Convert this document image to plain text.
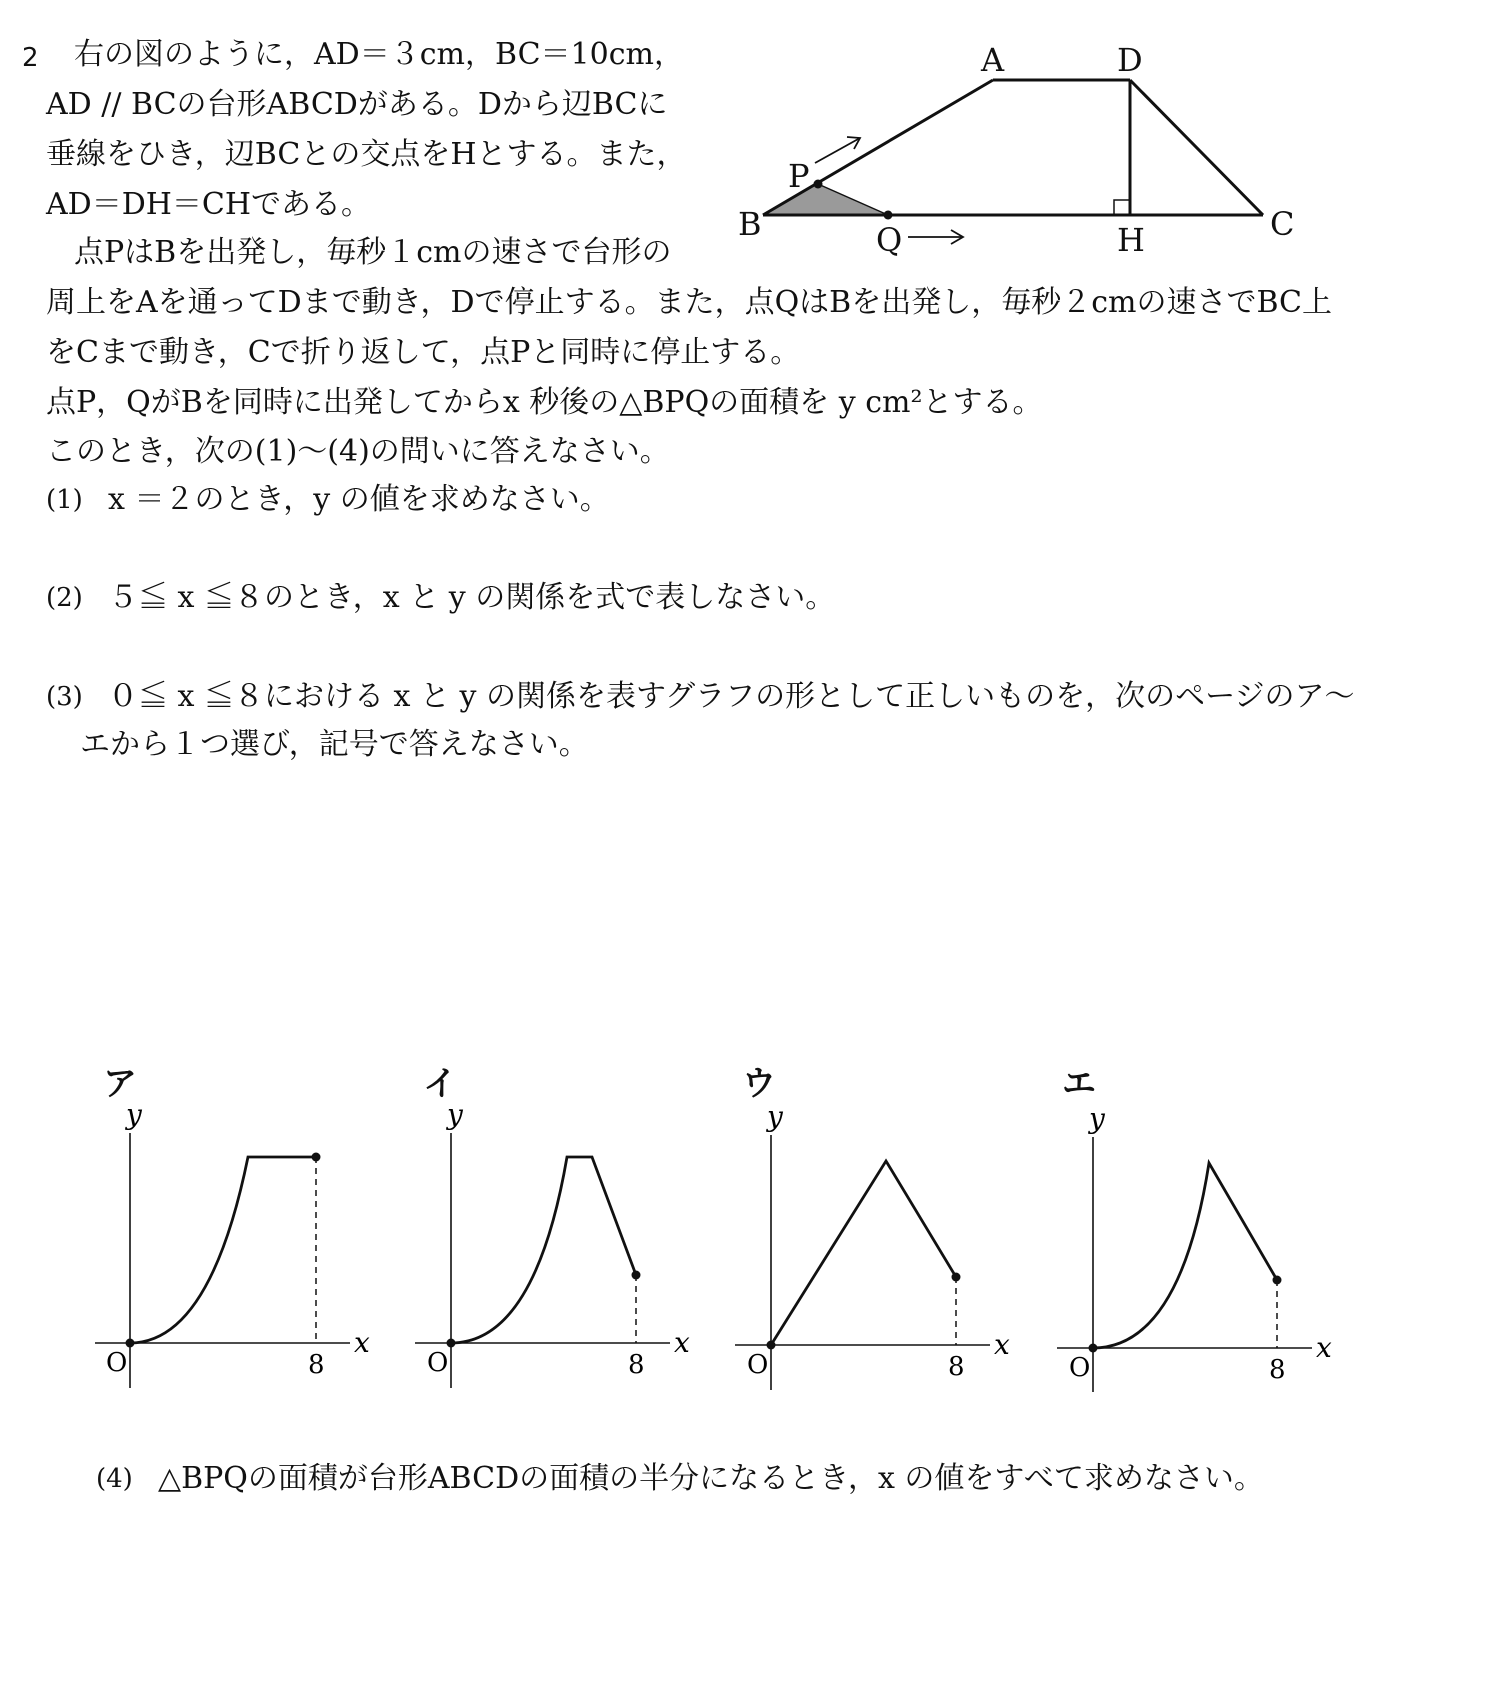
2 右の図のように，AD＝３cm，BC＝10cm，
AD // BCの台形ABCDがある。Dから辺BCに
垂線をひき，辺BCとの交点をHとする。また，
AD＝DH＝CHである。
点PはBを出発し，毎秒１cmの速さで台形の
周上をAを通ってDまで動き，Dで停止する。また，点QはBを出発し，毎秒２cmの速さでBC上
をCまで動き，Cで折り返して，点Pと同時に停止する。
点P，QがBを同時に出発してからx 秒後の△BPQの面積を y cm²とする。
このとき，次の(1)～(4)の問いに答えなさい。
(1) x ＝２のとき，y の値を求めなさい。
(2) ５≦ x ≦８のとき，x と y の関係を式で表しなさい。
(3) ０≦ x ≦８における x と y の関係を表すグラフの形として正しいものを，次のページのア～
エから１つ選び，記号で答えなさい。
(4) △BPQの面積が台形ABCDの面積の半分になるとき，x の値をすべて求めなさい。
A	D
B	C
H
P
Q
ア	イ	ウ	エ
y
x
O	8
y
x
O	8
y
x
O	8
y
x
O	8
